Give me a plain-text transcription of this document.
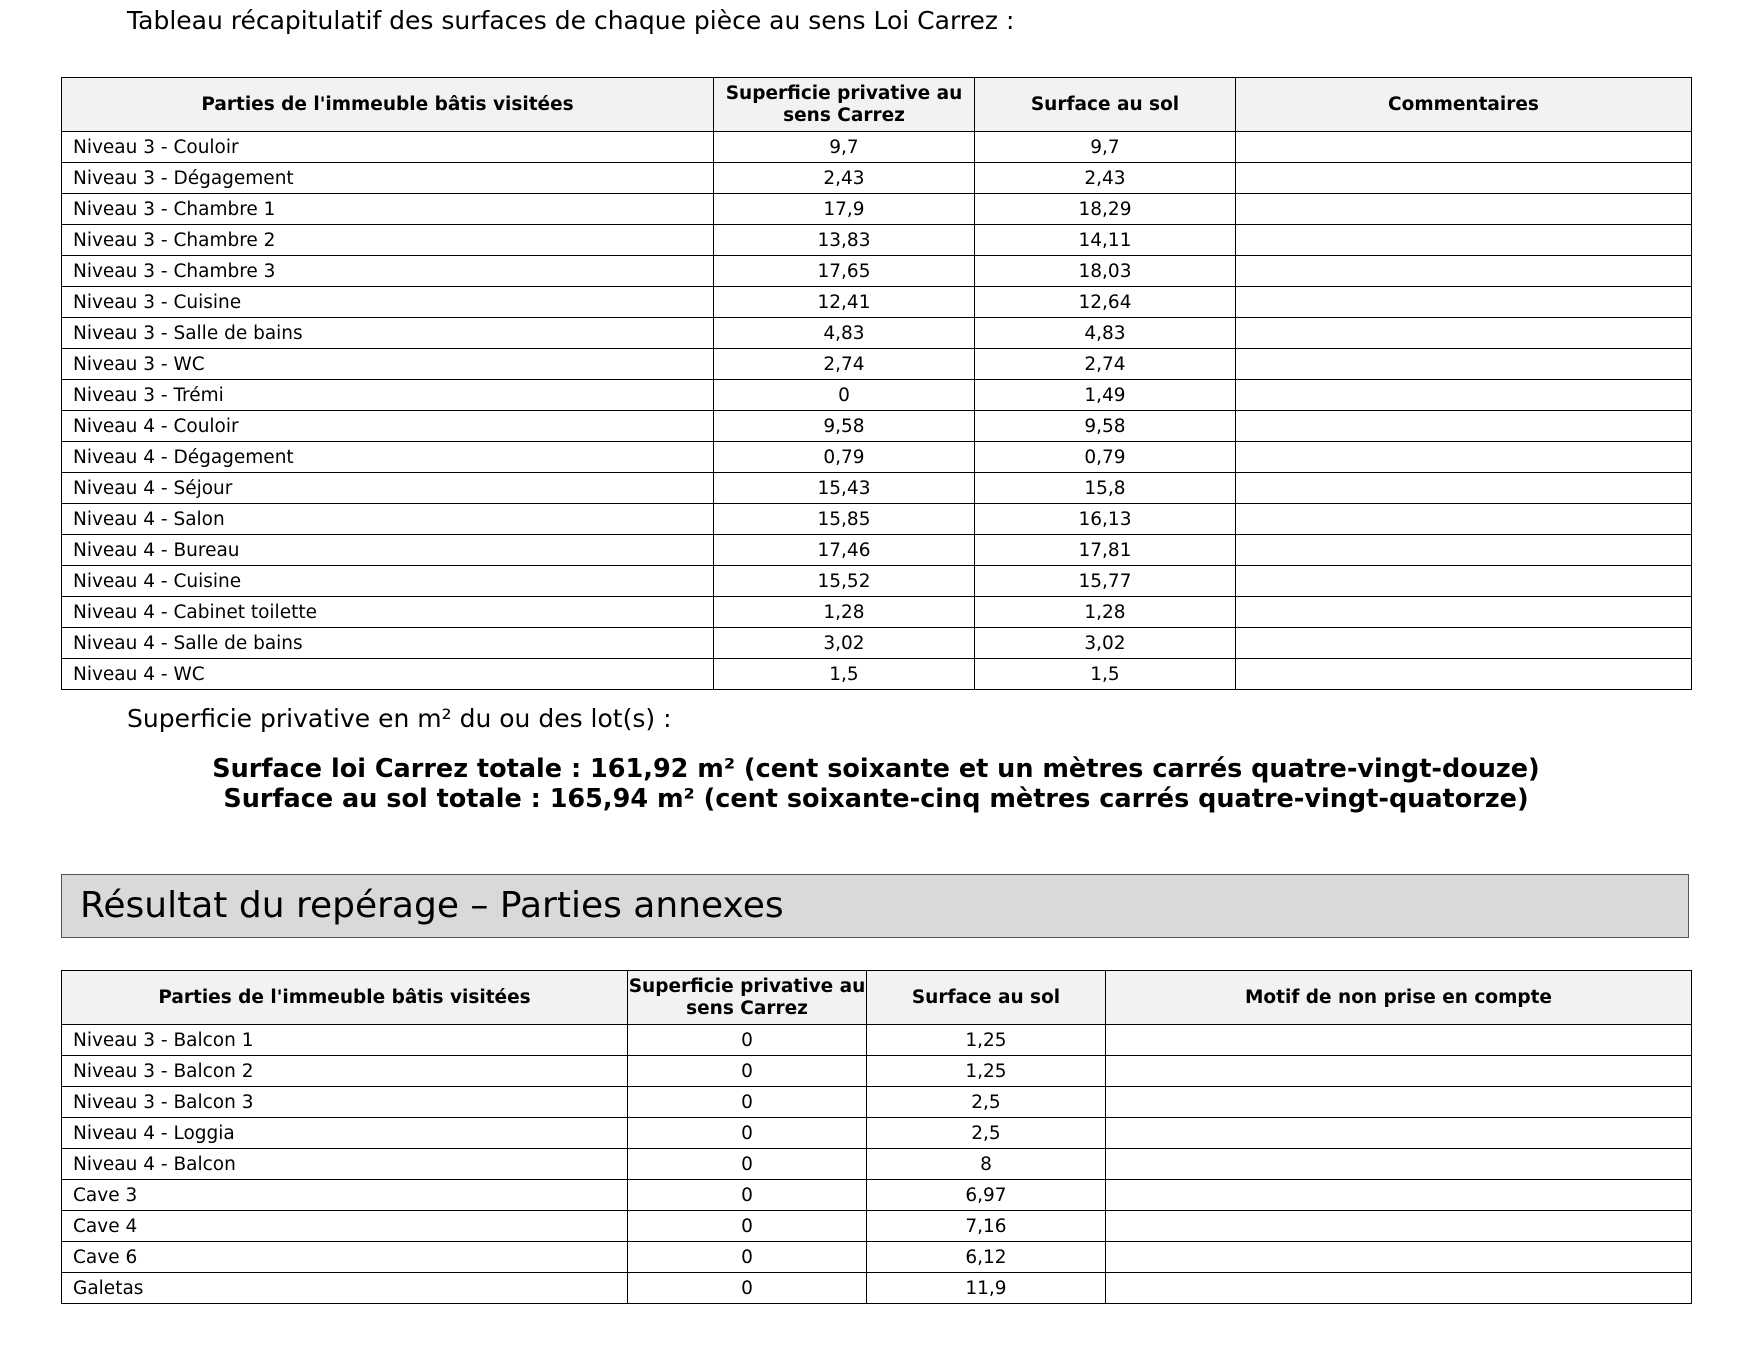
Tableau récapitulatif des surfaces de chaque pièce au sens Loi Carrez :
Parties de l'immeuble bâtis visitées	Superficie privative au sens Carrez	Surface au sol	Commentaires
Niveau 3 - Couloir	9,7	9,7	
Niveau 3 - Dégagement	2,43	2,43	
Niveau 3 - Chambre 1	17,9	18,29	
Niveau 3 - Chambre 2	13,83	14,11	
Niveau 3 - Chambre 3	17,65	18,03	
Niveau 3 - Cuisine	12,41	12,64	
Niveau 3 - Salle de bains	4,83	4,83	
Niveau 3 - WC	2,74	2,74	
Niveau 3 - Trémi	0	1,49	
Niveau 4 - Couloir	9,58	9,58	
Niveau 4 - Dégagement	0,79	0,79	
Niveau 4 - Séjour	15,43	15,8	
Niveau 4 - Salon	15,85	16,13	
Niveau 4 - Bureau	17,46	17,81	
Niveau 4 - Cuisine	15,52	15,77	
Niveau 4 - Cabinet toilette	1,28	1,28	
Niveau 4 - Salle de bains	3,02	3,02	
Niveau 4 - WC	1,5	1,5	

Superficie privative en m² du ou des lot(s) :

Surface loi Carrez totale : 161,92 m² (cent soixante et un mètres carrés quatre-vingt-douze)
Surface au sol totale : 165,94 m² (cent soixante-cinq mètres carrés quatre-vingt-quatorze)
Résultat du repérage – Parties annexes
Parties de l'immeuble bâtis visitées	Superficie privative au sens Carrez	Surface au sol	Motif de non prise en compte
Niveau 3 - Balcon 1	0	1,25	
Niveau 3 - Balcon 2	0	1,25	
Niveau 3 - Balcon 3	0	2,5	
Niveau 4 - Loggia	0	2,5	
Niveau 4 - Balcon	0	8	
Cave 3	0	6,97	
Cave 4	0	7,16	
Cave 6	0	6,12	
Galetas	0	11,9	
